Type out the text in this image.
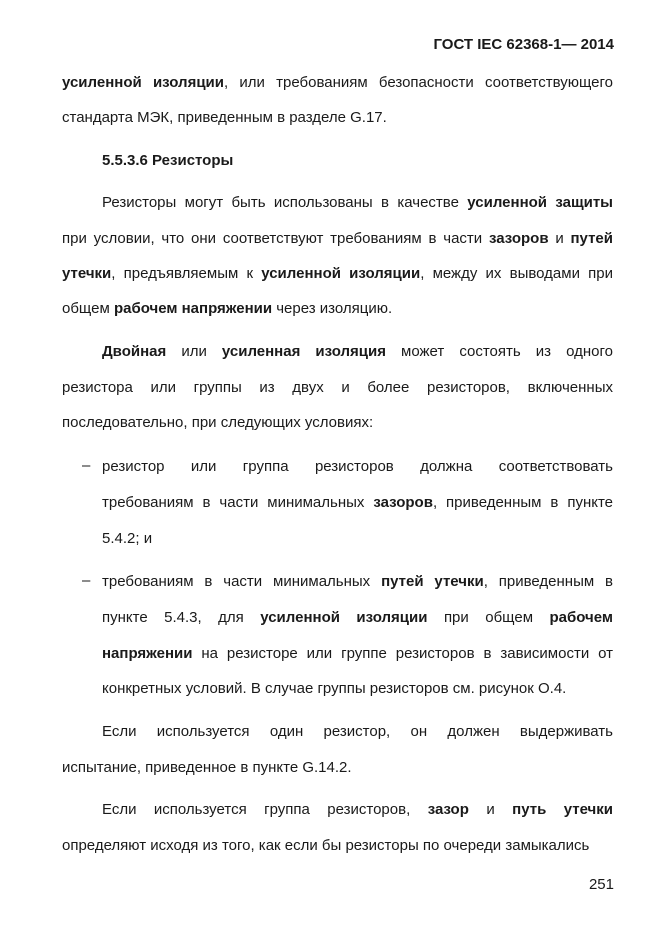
ГОСТ IEC 62368-1— 2014
усиленной изоляции, или требованиям безопасности соответствующего
стандарта МЭК, приведенным в разделе G.17.
5.5.3.6 Резисторы
Резисторы могут быть использованы в качестве усиленной защиты
при условии, что они соответствуют требованиям в части зазоров и путей
утечки, предъявляемым к усиленной изоляции, между их выводами при
общем рабочем напряжении через изоляцию.
Двойная или усиленная изоляция может состоять из одного
резистора или группы из двух и более резисторов, включенных
последовательно, при следующих условиях:
– резистор или группа резисторов должна соответствовать
требованиям в части минимальных зазоров, приведенным в пункте
5.4.2; и
– требованиям в части минимальных путей утечки, приведенным в
пункте 5.4.3, для усиленной изоляции при общем рабочем
напряжении на резисторе или группе резисторов в зависимости от
конкретных условий. В случае группы резисторов см. рисунок О.4.
Если используется один резистор, он должен выдерживать
испытание, приведенное в пункте G.14.2.
Если используется группа резисторов, зазор и путь утечки
определяют исходя из того, как если бы резисторы по очереди замыкались
251
